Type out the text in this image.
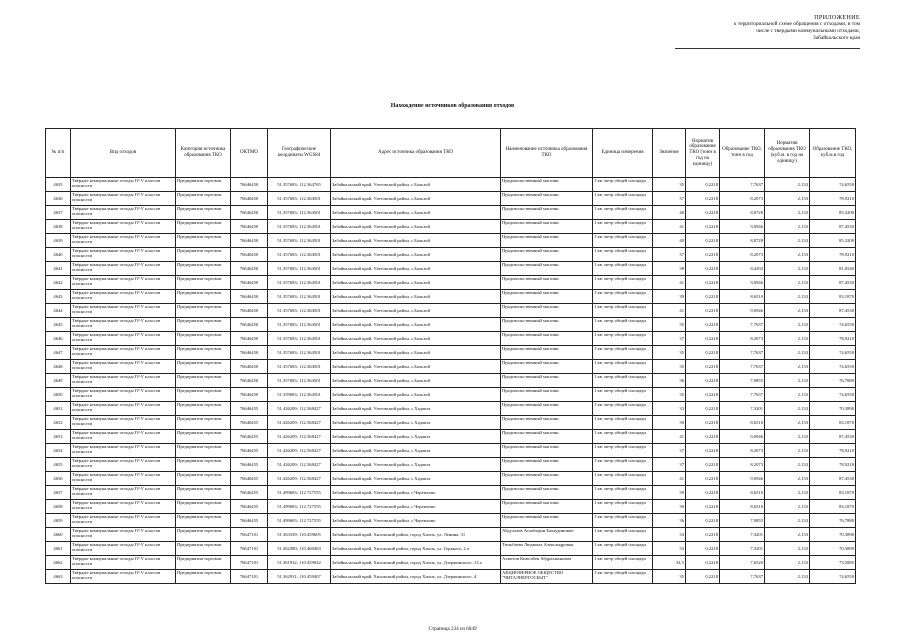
ПРИЛОЖЕНИЕ
к территориальной схеме обращения с отходами, в том
числе с твердыми коммунальными отходами,
Забайкальского края
Нахождение источников образования отходов
№ п/п	Вид отходов	Категория источника образования ТКО	ОКТМО	Географические координаты WGS84	Адрес источника образования ТКО	Наименование источника образования ТКО	Единица измерения	Значение	Норматив образования ТКО (тонн в год на единицу)	Образование ТКО, тонн в год	Норматив образования ТКО (куб.м. в год на единицу)	Образование ТКО, куб.м.в год
4635	Твёрдые коммунальные отходы IV-V классов опасности	Предприятия торговли	76646450	51.357683; 112.364765	Забайкальский край, Улетовский район, с.Бальзой	Продовольственный магазин	1 кв. метр общей площади	35	0,2218	7,7637	2,133	74,6550
4636	Твёрдые коммунальные отходы IV-V классов опасности	Предприятия торговли	76646450	51.357683; 112.364501	Забайкальский край, Улетовский район, с.Бальзой	Продовольственный магазин	1 кв. метр общей площади	37	0,2218	8,2073	2,133	78,9210
4637	Твёрдые коммунальные отходы IV-V классов опасности	Предприятия торговли	76646450	51.357683; 112.364501	Забайкальский край, Улетовский район, с.Бальзой	Продовольственный магазин	1 кв. метр общей площади	40	0,2218	8,8728	2,133	85,3200
4638	Твёрдые коммунальные отходы IV-V классов опасности	Предприятия торговли	76646450	51.357683; 112.364501	Забайкальский край, Улетовский район, с.Бальзой	Продовольственный магазин	1 кв. метр общей площади	41	0,2218	9,0946	2,133	87,4530
4639	Твёрдые коммунальные отходы IV-V классов опасности	Предприятия торговли	76646450	51.357683; 112.364501	Забайкальский край, Улетовский район, с.Бальзой	Продовольственный магазин	1 кв. метр общей площади	40	0,2218	8,8728	2,133	85,3200
4640	Твёрдые коммунальные отходы IV-V классов опасности	Предприятия торговли	76646450	51.357683; 112.364501	Забайкальский край, Улетовский район, с.Бальзой	Продовольственный магазин	1 кв. метр общей площади	37	0,2218	8,2073	2,133	78,9210
4641	Твёрдые коммунальные отходы IV-V классов опасности	Предприятия торговли	76646450	51.357683; 112.364501	Забайкальский край, Улетовский район, с.Бальзой	Продовольственный магазин	1 кв. метр общей площади	38	0,2218	8,4292	2,133	81,0540
4642	Твёрдые коммунальные отходы IV-V классов опасности	Предприятия торговли	76646450	51.357683; 112.364501	Забайкальский край, Улетовский район, с.Бальзой	Продовольственный магазин	1 кв. метр общей площади	41	0,2218	9,0946	2,133	87,4530
4643	Твёрдые коммунальные отходы IV-V классов опасности	Предприятия торговли	76646450	51.357683; 112.364501	Забайкальский край, Улетовский район, с.Бальзой	Продовольственный магазин	1 кв. метр общей площади	39	0,2218	8,6510	2,133	83,1870
4644	Твёрдые коммунальные отходы IV-V классов опасности	Предприятия торговли	76646450	51.357683; 112.364501	Забайкальский край, Улетовский район, с.Бальзой	Продовольственный магазин	1 кв. метр общей площади	41	0,2218	9,0946	2,133	87,4530
4645	Твёрдые коммунальные отходы IV-V классов опасности	Предприятия торговли	76646450	51.357683; 112.364501	Забайкальский край, Улетовский район, с.Бальзой	Продовольственный магазин	1 кв. метр общей площади	35	0,2218	7,7637	2,133	74,6550
4646	Твёрдые коммунальные отходы IV-V классов опасности	Предприятия торговли	76646450	51.357683; 112.364501	Забайкальский край, Улетовский район, с.Бальзой	Продовольственный магазин	1 кв. метр общей площади	37	0,2218	8,2073	2,133	78,9210
4647	Твёрдые коммунальные отходы IV-V классов опасности	Предприятия торговли	76646450	51.357683; 112.364501	Забайкальский край, Улетовский район, с.Бальзой	Продовольственный магазин	1 кв. метр общей площади	35	0,2218	7,7637	2,133	74,6550
4648	Твёрдые коммунальные отходы IV-V классов опасности	Предприятия торговли	76646450	51.357683; 112.364501	Забайкальский край, Улетовский район, с.Бальзой	Продовольственный магазин	1 кв. метр общей площади	35	0,2218	7,7637	2,133	74,6550
4649	Твёрдые коммунальные отходы IV-V классов опасности	Предприятия торговли	76646450	51.357683; 112.364501	Забайкальский край, Улетовский район, с.Бальзой	Продовольственный магазин	1 кв. метр общей площади	36	0,2218	7,9855	2,133	76,7880
4650	Твёрдые коммунальные отходы IV-V классов опасности	Предприятия торговли	76646450	51.359683; 112.364501	Забайкальский край, Улетовский район, с.Бальзой	Продовольственный магазин	1 кв. метр общей площади	35	0,2218	7,7637	2,133	74,6550
4651	Твёрдые коммунальные отходы IV-V классов опасности	Предприятия торговли	76646455	51.426209; 112.568427	Забайкальский край, Улетовский район, с.Хадакта	Продовольственный магазин	1 кв. метр общей площади	33	0,2218	7,3201	2,133	70,3890
4652	Твёрдые коммунальные отходы IV-V классов опасности	Предприятия торговли	76646455	51.426209; 112.568427	Забайкальский край, Улетовский район, с.Хадакта	Продовольственный магазин	1 кв. метр общей площади	39	0,2218	8,6510	2,133	83,1870
4653	Твёрдые коммунальные отходы IV-V классов опасности	Предприятия торговли	76646455	51.426209; 112.568427	Забайкальский край, Улетовский район, с.Хадакта	Продовольственный магазин	1 кв. метр общей площади	41	0,2218	9,0946	2,133	87,4530
4654	Твёрдые коммунальные отходы IV-V классов опасности	Предприятия торговли	76646455	51.426209; 112.568427	Забайкальский край, Улетовский район, с.Хадакта	Продовольственный магазин	1 кв. метр общей площади	37	0,2218	8,2073	2,133	78,9210
4655	Твёрдые коммунальные отходы IV-V классов опасности	Предприятия торговли	76646455	51.426209; 112.568427	Забайкальский край, Улетовский район, с.Хадакта	Продовольственный магазин	1 кв. метр общей площади	37	0,2218	8,2073	2,133	78,9210
4656	Твёрдые коммунальные отходы IV-V классов опасности	Предприятия торговли	76646455	51.426209; 112.568427	Забайкальский край, Улетовский район, с.Хадакта	Продовольственный магазин	1 кв. метр общей площади	41	0,2218	9,0946	2,133	87,4530
4657	Твёрдые коммунальные отходы IV-V классов опасности	Предприятия торговли	76646455	51.499683; 112.727555	Забайкальский край, Улетовский район, с.Черемхово	Продовольственный магазин	1 кв. метр общей площади	39	0,2218	8,6510	2,133	83,1870
4658	Твёрдые коммунальные отходы IV-V классов опасности	Предприятия торговли	76646455	51.499683; 112.727555	Забайкальский край, Улетовский район, с.Черемхово	Продовольственный магазин	1 кв. метр общей площади	39	0,2218	8,6510	2,133	83,1870
4659	Твёрдые коммунальные отходы IV-V классов опасности	Предприятия торговли	76646455	51.499683; 112.727555	Забайкальский край, Улетовский район, с.Черемхово	Продовольственный магазин	1 кв. метр общей площади	36	0,2218	7,9855	2,133	76,7880
4660	Твёрдые коммунальные отходы IV-V классов опасности	Предприятия торговли	76647101	51.363339; 110.459605	Забайкальский край, Хилокский район, город Хилок, ул. Ленина, 31	Абдуллаев Асхабидин Бахаудинович	1 кв. метр общей площади	33	0,2218	7,3201	2,133	70,3890
4661	Твёрдые коммунальные отходы IV-V классов опасности	Предприятия торговли	76647101	51.362380; 110.460463	Забайкальский край, Хилокский район, город Хилок, ул. Горького, 2 а	Тюльбаева Людмила Александровна	1 кв. метр общей площади	33	0,2218	7,3201	2,133	70,3890
4662	Твёрдые коммунальные отходы IV-V классов опасности	Предприятия торговли	76647101	51.361932; 110.459042	Забайкальский край, Хилокский район, город Хилок, ул. Дзержинского, 13 а	Ахметов Кимсабек Абдрахманович	1 кв. метр общей площади	34,5	0,2218	7,6520	2,133	73,5885
4663	Твёрдые коммунальные отходы IV-V классов опасности	Предприятия торговли	76647101	51.362931; 110.459407	Забайкальский край, Хилокский район, город Хилок, ул. Дзержинского, 4	АКЦИОНЕРНОЕ ОБЩЕСТВО "ЧИТАЭНЕРГОСБЫТ"	1 кв. метр общей площади	35	0,2218	7,7637	2,133	74,6550
Страница 234 из 6049
